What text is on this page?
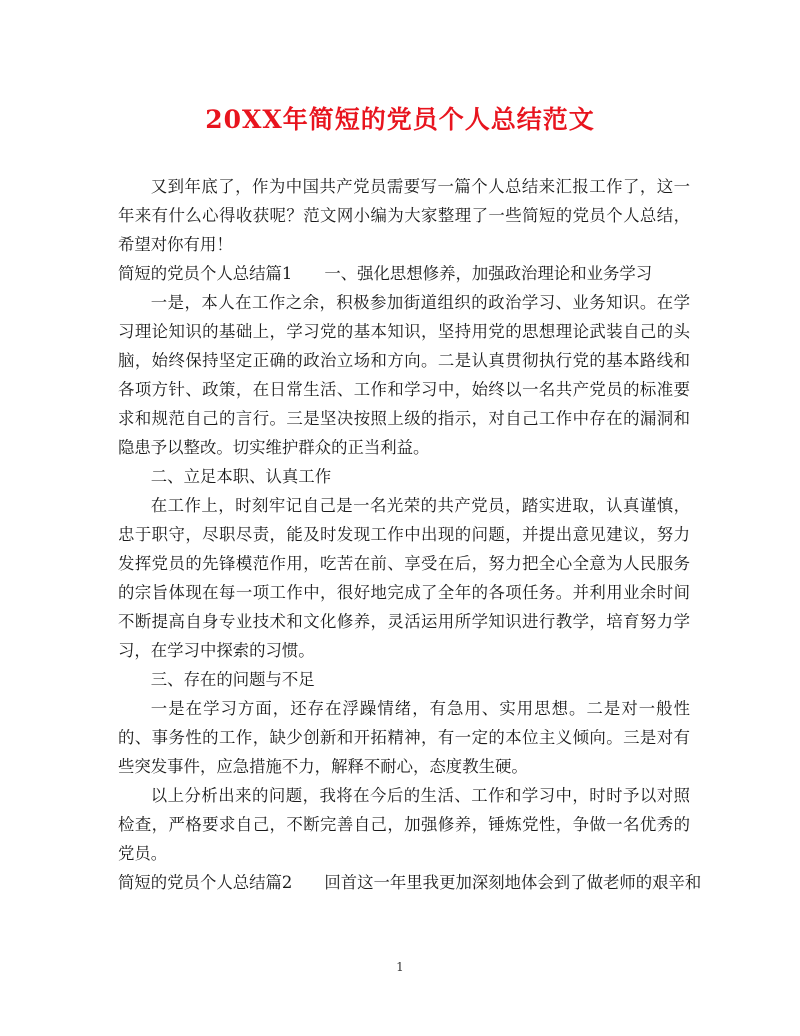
20XX年简短的党员个人总结范文

又到年底了，作为中国共产党员需要写一篇个人总结来汇报工作了，这一年来有什么心得收获呢？范文网小编为大家整理了一些简短的党员个人总结，希望对你有用！

简短的党员个人总结篇1 一、强化思想修养，加强政治理论和业务学习

一是，本人在工作之余，积极参加街道组织的政治学习、业务知识。在学习理论知识的基础上，学习党的基本知识，坚持用党的思想理论武装自己的头脑，始终保持坚定正确的政治立场和方向。二是认真贯彻执行党的基本路线和各项方针、政策，在日常生活、工作和学习中，始终以一名共产党员的标准要求和规范自己的言行。三是坚决按照上级的指示，对自己工作中存在的漏洞和隐患予以整改。切实维护群众的正当利益。

二、立足本职、认真工作

在工作上，时刻牢记自己是一名光荣的共产党员，踏实进取，认真谨慎，忠于职守，尽职尽责，能及时发现工作中出现的问题，并提出意见建议，努力发挥党员的先锋模范作用，吃苦在前、享受在后，努力把全心全意为人民服务的宗旨体现在每一项工作中，很好地完成了全年的各项任务。并利用业余时间不断提高自身专业技术和文化修养，灵活运用所学知识进行教学，培育努力学习，在学习中探索的习惯。

三、存在的问题与不足

一是在学习方面，还存在浮躁情绪，有急用、实用思想。二是对一般性的、事务性的工作，缺少创新和开拓精神，有一定的本位主义倾向。三是对有些突发事件，应急措施不力，解释不耐心，态度教生硬。

以上分析出来的问题，我将在今后的生活、工作和学习中，时时予以对照检查，严格要求自己，不断完善自己，加强修养，锤炼党性，争做一名优秀的党员。

简短的党员个人总结篇2 回首这一年里我更加深刻地体会到了做老师的艰辛和

1
